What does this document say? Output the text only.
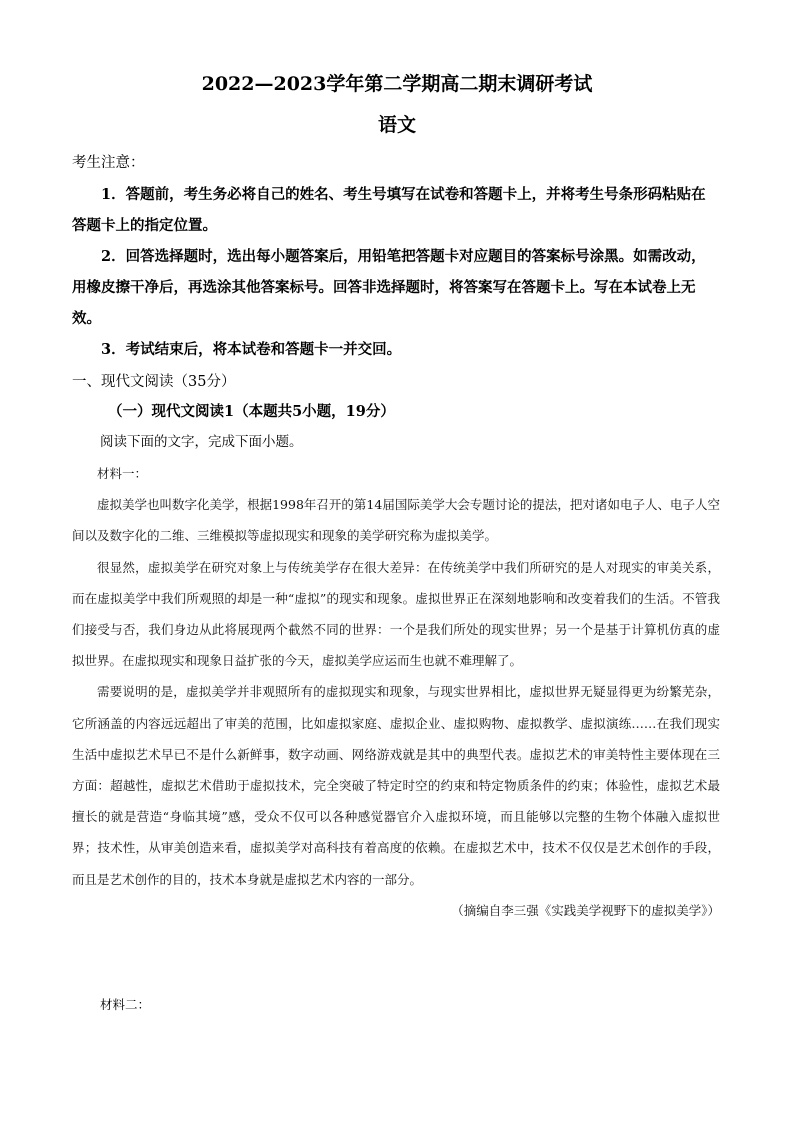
2022—2023学年第二学期高二期末调研考试
语文

考生注意：

1．答题前，考生务必将自己的姓名、考生号填写在试卷和答题卡上，并将考生号条形码粘贴在答题卡上的指定位置。

2．回答选择题时，选出每小题答案后，用铅笔把答题卡对应题目的答案标号涂黑。如需改动，用橡皮擦干净后，再选涂其他答案标号。回答非选择题时，将答案写在答题卡上。写在本试卷上无效。

3．考试结束后，将本试卷和答题卡一并交回。

一、现代文阅读（35分）

（一）现代文阅读1（本题共5小题，19分）

阅读下面的文字，完成下面小题。

材料一：

虚拟美学也叫数字化美学，根据1998年召开的第14届国际美学大会专题讨论的提法，把对诸如电子人、电子人空间以及数字化的二维、三维模拟等虚拟现实和现象的美学研究称为虚拟美学。

很显然，虚拟美学在研究对象上与传统美学存在很大差异：在传统美学中我们所研究的是人对现实的审美关系，而在虚拟美学中我们所观照的却是一种“虚拟”的现实和现象。虚拟世界正在深刻地影响和改变着我们的生活。不管我们接受与否，我们身边从此将展现两个截然不同的世界：一个是我们所处的现实世界；另一个是基于计算机仿真的虚拟世界。在虚拟现实和现象日益扩张的今天，虚拟美学应运而生也就不难理解了。

需要说明的是，虚拟美学并非观照所有的虚拟现实和现象，与现实世界相比，虚拟世界无疑显得更为纷繁芜杂，它所涵盖的内容远远超出了审美的范围，比如虚拟家庭、虚拟企业、虚拟购物、虚拟教学、虚拟演练……在我们现实生活中虚拟艺术早已不是什么新鲜事，数字动画、网络游戏就是其中的典型代表。虚拟艺术的审美特性主要体现在三方面：超越性，虚拟艺术借助于虚拟技术，完全突破了特定时空的约束和特定物质条件的约束；体验性，虚拟艺术最擅长的就是营造“身临其境”感，受众不仅可以各种感觉器官介入虚拟环境，而且能够以完整的生物个体融入虚拟世界；技术性，从审美创造来看，虚拟美学对高科技有着高度的依赖。在虚拟艺术中，技术不仅仅是艺术创作的手段，而且是艺术创作的目的，技术本身就是虚拟艺术内容的一部分。

（摘编自李三强《实践美学视野下的虚拟美学》）

材料二：
